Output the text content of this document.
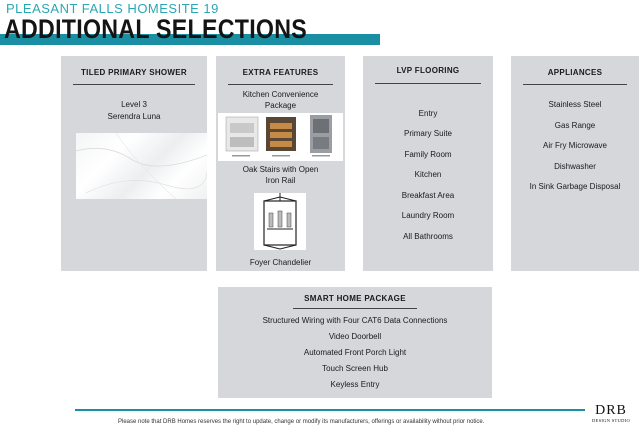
PLEASANT FALLS HOMESITE 19
ADDITIONAL SELECTIONS
TILED PRIMARY SHOWER
Level 3
Serendra Luna
EXTRA FEATURES
Kitchen Convenience Package
Oak Stairs with Open Iron Rail
Foyer Chandelier
LVP FLOORING
Entry
Primary Suite
Family Room
Kitchen
Breakfast Area
Laundry Room
All Bathrooms
APPLIANCES
Stainless Steel
Gas Range
Air Fry Microwave
Dishwasher
In Sink Garbage Disposal
SMART HOME PACKAGE
Structured Wiring with Four CAT6 Data Connections
Video Doorbell
Automated Front Porch Light
Touch Screen Hub
Keyless Entry
Please note that DRB Homes reserves the right to update, change or modify its manufacturers, offerings or availability without prior notice.
DRB
DESIGN STUDIO
